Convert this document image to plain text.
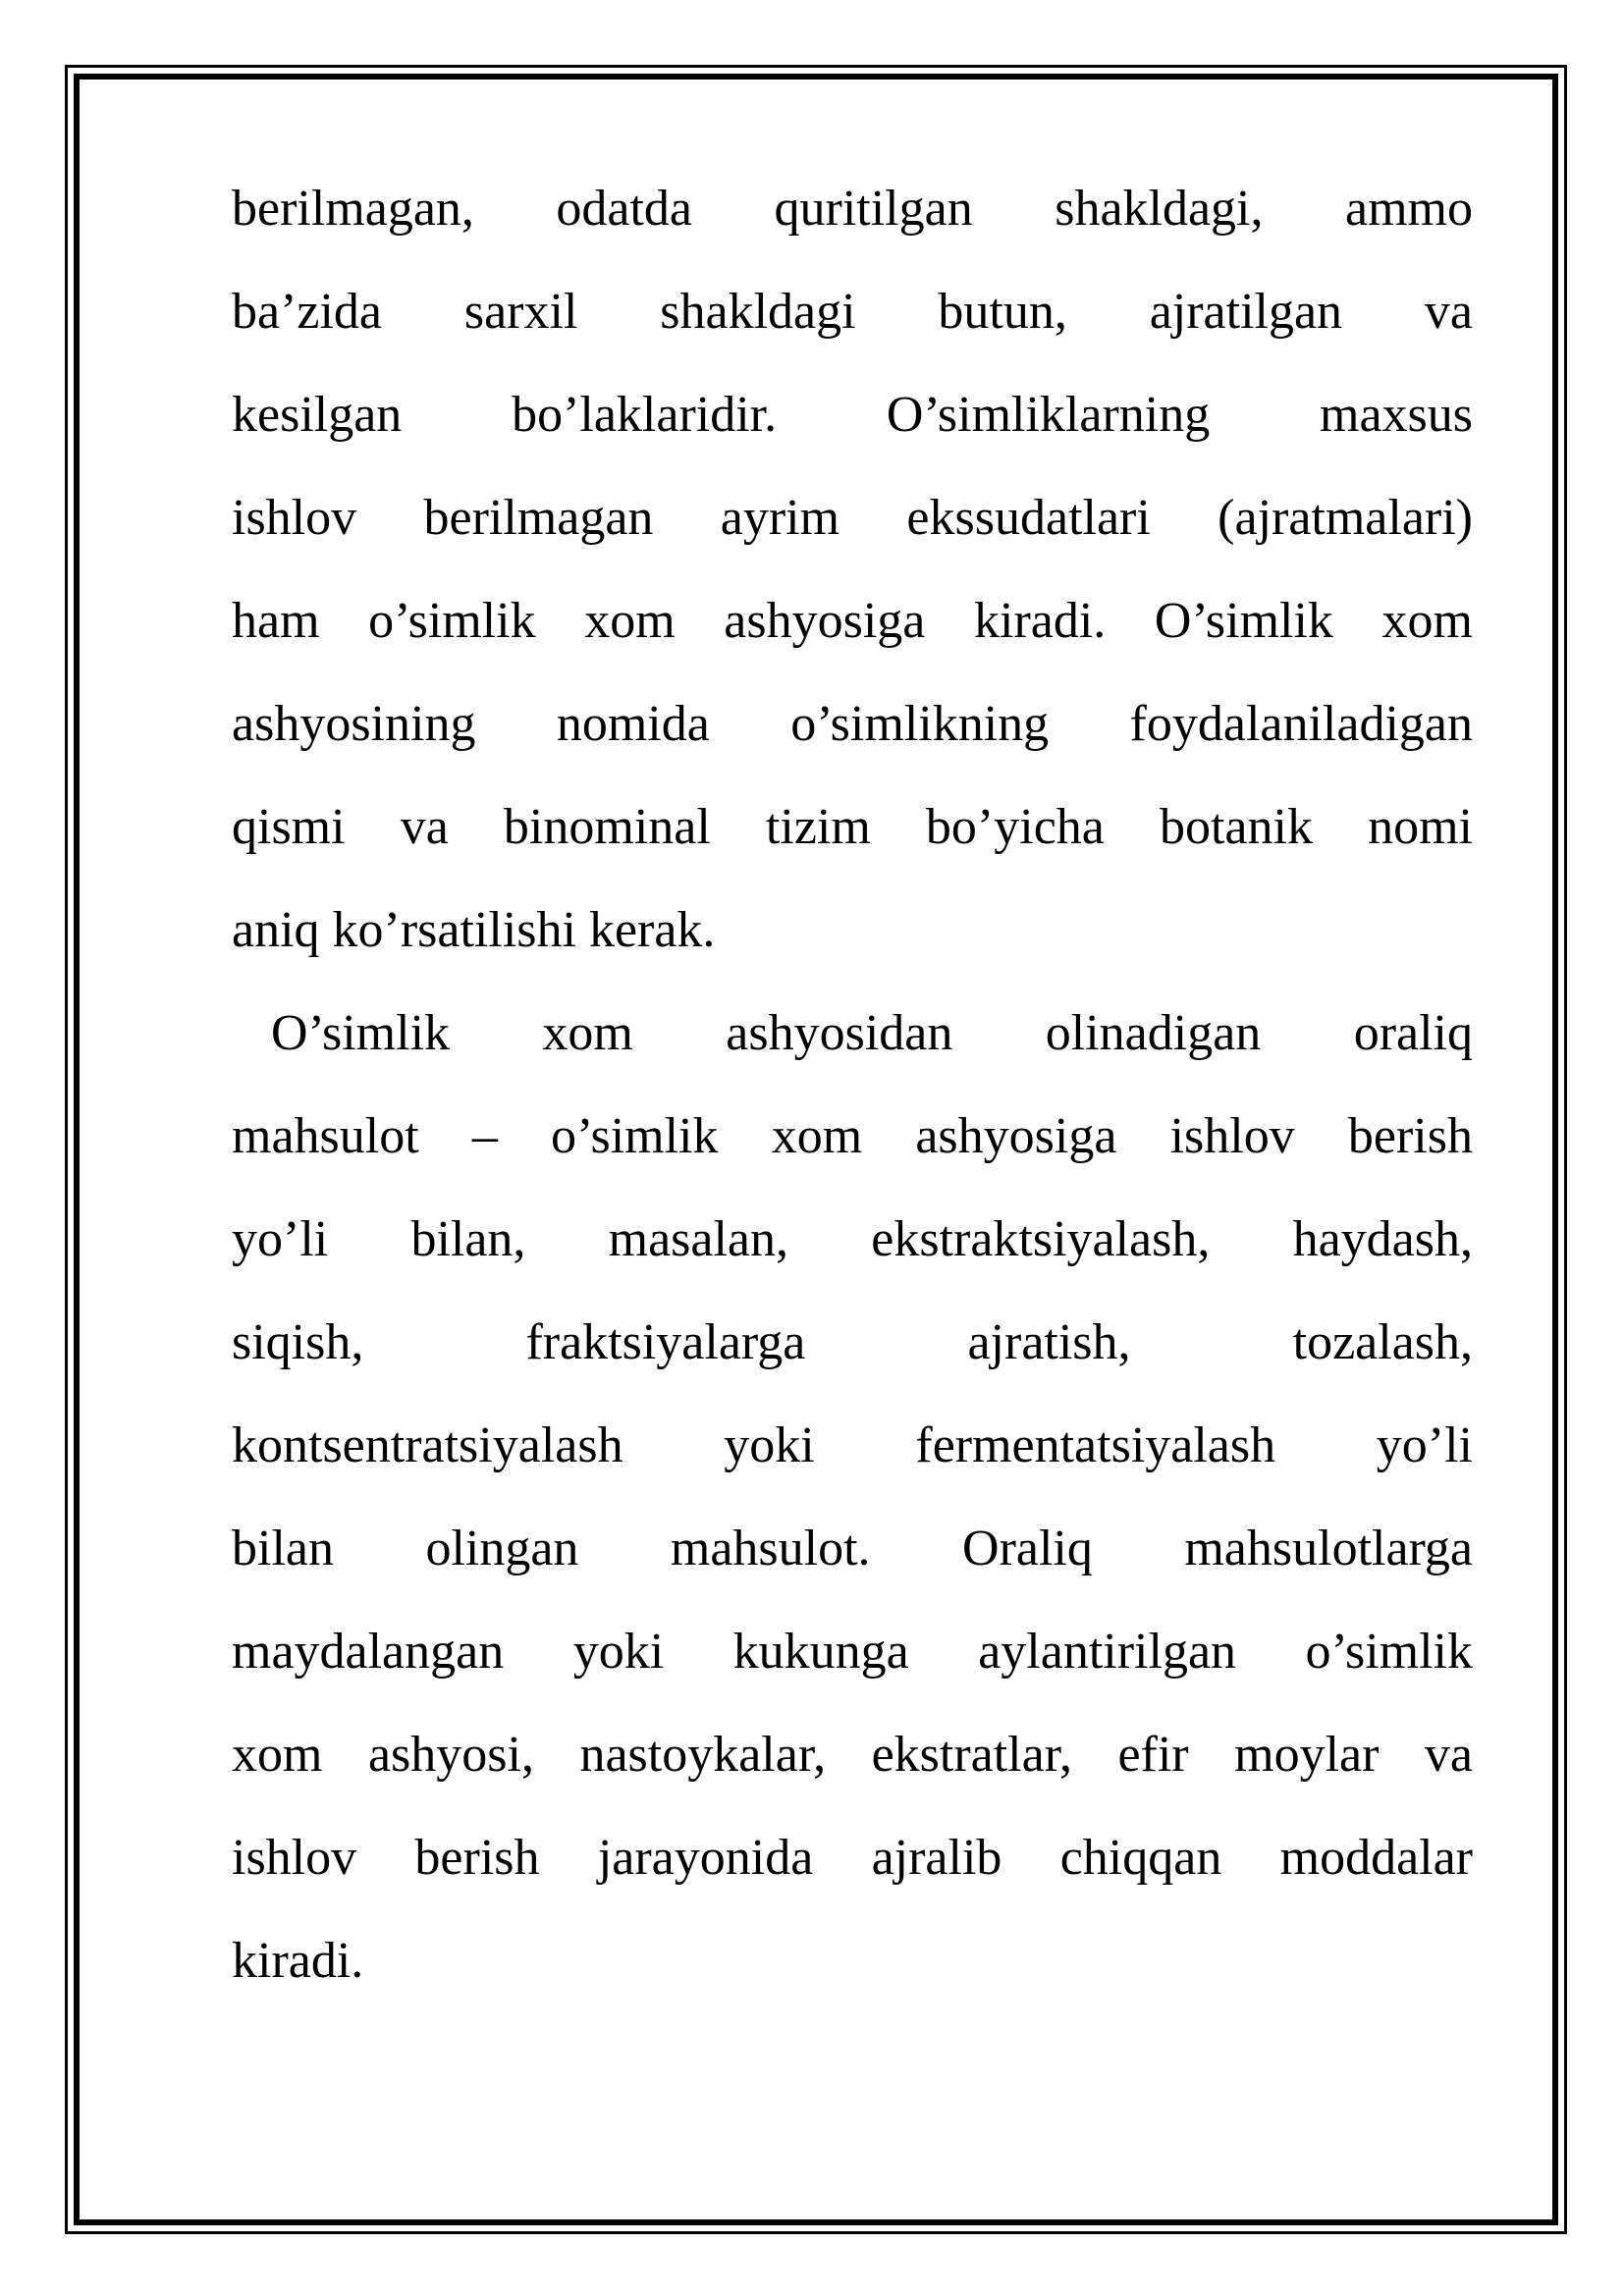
berilmagan, odatda quritilgan shakldagi, ammo
ba’zida sarxil shakldagi butun, ajratilgan va
kesilgan bo’laklaridir. O’simliklarning maxsus
ishlov berilmagan ayrim ekssudatlari (ajratmalari)
ham o’simlik xom ashyosiga kiradi. O’simlik xom
ashyosining nomida o’simlikning foydalaniladigan
qismi va binominal tizim bo’yicha botanik nomi
aniq ko’rsatilishi kerak.
O’simlik xom ashyosidan olinadigan oraliq
mahsulot – o’simlik xom ashyosiga ishlov berish
yo’li bilan, masalan, ekstraktsiyalash, haydash,
siqish, fraktsiyalarga ajratish, tozalash,
kontsentratsiyalash yoki fermentatsiyalash yo’li
bilan olingan mahsulot. Oraliq mahsulotlarga
maydalangan yoki kukunga aylantirilgan o’simlik
xom ashyosi, nastoykalar, ekstratlar, efir moylar va
ishlov berish jarayonida ajralib chiqqan moddalar
kiradi.
